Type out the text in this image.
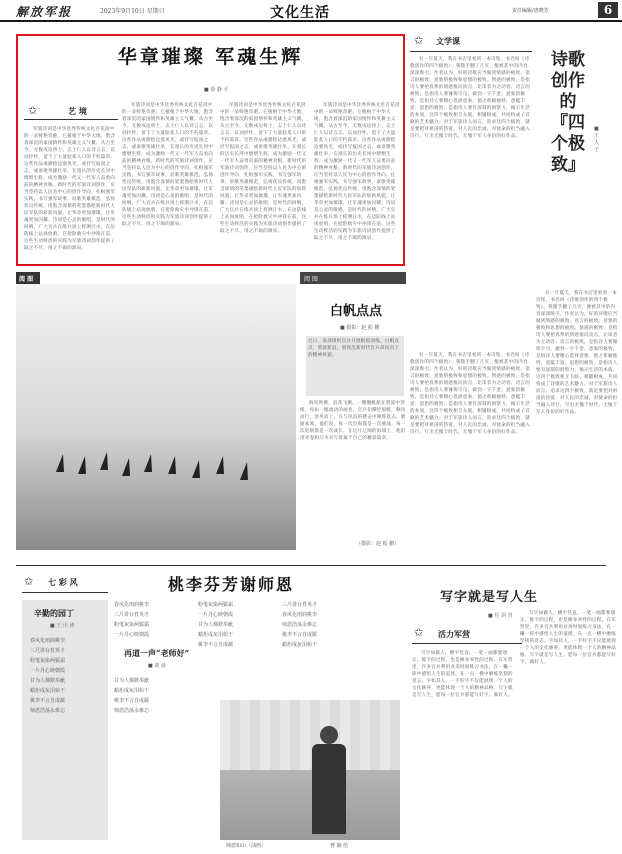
解放军报	2023年9月10日 星期日	文化生活	责任编辑/唐晓芳	6
华章璀璨 军魂生辉
■ 徐 静 平
✩	艺 境

军旅诗词是中华优秀传统文化百花园中的一朵鲜艳奇葩。它植根于中华大地，饱含着深沉的家国情怀和英雄主义气概。从古至今，无数戍边将士、志士仁人以诗言志、以词抒怀，留下了大量脍炙人口的不朽篇章。这些作品或描绘边塞风光，或抒写报国之志，或讴歌英雄壮举，在漫长的历史长河中熠熠生辉，成为激励一代又一代军人奋勇向前的精神食粮。新时代的军旅诗词创作，应当坚持以人民为中心的创作导向，扎根强军实践，书写强军故事，讴歌英雄模范，弘扬优良传统，用饱含深情的笔墨描绘新时代人民军队的崭新风貌，让华章更加璀璨，让军魂更加闪耀。诗词是心灵的歌唱，是时代的回响。广大官兵在练兵场上挥洒汗水，在边防线上站岗放哨，在抢险救灾中冲锋在前，这些生动鲜活的实践为军旅诗词创作提供了取之不尽、用之不竭的源泉。

军旅诗词是中华优秀传统文化百花园中的一朵鲜艳奇葩。它植根于中华大地，饱含着深沉的家国情怀和英雄主义气概。从古至今，无数戍边将士、志士仁人以诗言志、以词抒怀，留下了大量脍炙人口的不朽篇章。这些作品或描绘边塞风光，或抒写报国之志，或讴歌英雄壮举，在漫长的历史长河中熠熠生辉，成为激励一代又一代军人奋勇向前的精神食粮。新时代的军旅诗词创作，应当坚持以人民为中心的创作导向，扎根强军实践，书写强军故事，讴歌英雄模范，弘扬优良传统，用饱含深情的笔墨描绘新时代人民军队的崭新风貌，让华章更加璀璨，让军魂更加闪耀。诗词是心灵的歌唱，是时代的回响。广大官兵在练兵场上挥洒汗水，在边防线上站岗放哨，在抢险救灾中冲锋在前，这些生动鲜活的实践为军旅诗词创作提供了取之不尽、用之不竭的源泉。

军旅诗词是中华优秀传统文化百花园中的一朵鲜艳奇葩。它植根于中华大地，饱含着深沉的家国情怀和英雄主义气概。从古至今，无数戍边将士、志士仁人以诗言志、以词抒怀，留下了大量脍炙人口的不朽篇章。这些作品或描绘边塞风光，或抒写报国之志，或讴歌英雄壮举，在漫长的历史长河中熠熠生辉，成为激励一代又一代军人奋勇向前的精神食粮。新时代的军旅诗词创作，应当坚持以人民为中心的创作导向，扎根强军实践，书写强军故事，讴歌英雄模范，弘扬优良传统，用饱含深情的笔墨描绘新时代人民军队的崭新风貌，让华章更加璀璨，让军魂更加闪耀。诗词是心灵的歌唱，是时代的回响。广大官兵在练兵场上挥洒汗水，在边防线上站岗放哨，在抢险救灾中冲锋在前，这些生动鲜活的实践为军旅诗词创作提供了取之不尽、用之不竭的源泉。

军旅诗词是中华优秀传统文化百花园中的一朵鲜艳奇葩。它植根于中华大地，饱含着深沉的家国情怀和英雄主义气概。从古至今，无数戍边将士、志士仁人以诗言志、以词抒怀，留下了大量脍炙人口的不朽篇章。这些作品或描绘边塞风光，或抒写报国之志，或讴歌英雄壮举，在漫长的历史长河中熠熠生辉，成为激励一代又一代军人奋勇向前的精神食粮。新时代的军旅诗词创作，应当坚持以人民为中心的创作导向，扎根强军实践，书写强军故事，讴歌英雄模范，弘扬优良传统，用饱含深情的笔墨描绘新时代人民军队的崭新风貌，让华章更加璀璨，让军魂更加闪耀。诗词是心灵的歌唱，是时代的回响。广大官兵在练兵场上挥洒汗水，在边防线上站岗放哨，在抢险救灾中冲锋在前，这些生动鲜活的实践为军旅诗词创作提供了取之不尽、用之不竭的源泉。

✩ 文学课

有一年夏天，我在书店里看到一本诗集，书名叫《诗歌创作的四个极致》。我随手翻了几页，便被其中的内容深深吸引。作者认为，好的诗歌应当做到情感的极致、语言的极致、意象的极致和思想的极致。情感的极致，是指诗人要把真挚的情感推向顶点，让读者为之动容；语言的极致，是指诗人要锤炼字句，做到一字千金；意象的极致，是指诗人要精心选择意象，使之新颖独特、意蕴丰富；思想的极致，是指诗人要有深刻的洞察力，揭示生活的本质。这四个极致相互关联、相辅相成，共同构成了诗歌的艺术魅力。对于军旅诗人而言，追求这四个极致，就是要把对祖国的热爱、对人民的忠诚、对使命的担当融入诗行，写出无愧于时代、无愧于军人身份的好作品。

诗歌创作的『四个极致』
■ 王 人 子

有一年夏天，我在书店里看到一本诗集，书名叫《诗歌创作的四个极致》。我随手翻了几页，便被其中的内容深深吸引。作者认为，好的诗歌应当做到情感的极致、语言的极致、意象的极致和思想的极致。情感的极致，是指诗人要把真挚的情感推向顶点，让读者为之动容；语言的极致，是指诗人要锤炼字句，做到一字千金；意象的极致，是指诗人要精心选择意象，使之新颖独特、意蕴丰富；思想的极致，是指诗人要有深刻的洞察力，揭示生活的本质。这四个极致相互关联、相辅相成，共同构成了诗歌的艺术魅力。对于军旅诗人而言，追求这四个极致，就是要把对祖国的热爱、对人民的忠诚、对使命的担当融入诗行，写出无愧于时代、无愧于军人身份的好作品。

有一年夏天，我在书店里看到一本诗集，书名叫《诗歌创作的四个极致》。我随手翻了几页，便被其中的内容深深吸引。作者认为，好的诗歌应当做到情感的极致、语言的极致、意象的极致和思想的极致。情感的极致，是指诗人要把真挚的情感推向顶点，让读者为之动容；语言的极致，是指诗人要锤炼字句，做到一字千金；意象的极致，是指诗人要精心选择意象，使之新颖独特、意蕴丰富；思想的极致，是指诗人要有深刻的洞察力，揭示生活的本质。这四个极致相互关联、相辅相成，共同构成了诗歌的艺术魅力。对于军旅诗人而言，追求这四个极致，就是要把对祖国的热爱、对人民的忠诚、对使命的担当融入诗行，写出无愧于时代、无愧于军人身份的好作品。

阅 图	阅 图
白帆点点
■ 摄影：赵 振 鹏
近日，某部组织官兵开展帆船训练，白帆点点，劈波斩浪，展现出新时代官兵昂扬向上的精神风貌。

海风吹拂，浪花飞溅。一艘艘帆船在碧波中穿梭，宛如一幅流动的画卷。官兵们操控船帆，顺风而行，逆风而上，在与风浪的搏击中锤炼意志、磨砺本领。他们说，每一次出海都是一次挑战，每一次返航都是一次成长。在这片辽阔的海域上，他们用青春和汗水书写着属于自己的精彩篇章。

（摄影：赵 振 鹏）
✩ 七 彩 风	桃李芬芳谢师恩
辛勤的园丁
■ 王 庆 涛
春风化雨润桃李
三尺讲台育英才
粉笔灰染两鬓霜
一片丹心映朝霞
甘为人梯默奉献
蜡炬成灰泪始干
桃李不言自成蹊
师恩浩荡永难忘
春风化雨润桃李
三尺讲台育英才
粉笔灰染两鬓霜
一片丹心映朝霞
再道一声“老师好”
■ 刘 晨
甘为人梯默奉献
蜡炬成灰泪始干
桃李不言自成蹊
师恩浩荡永难忘
粉笔灰染两鬓霜
一片丹心映朝霞
甘为人梯默奉献
蜡炬成灰泪始干
桃李不言自成蹊
三尺讲台育英才
春风化雨润桃李
师恩浩荡永难忘
桃李不言自成蹊
蜡炬成灰泪始干
师恩如山（油画）	曹 颖 绘
写字就是写人生
■ 任 剑 青
✩ 活力军营

写字如做人，横平竖直，一笔一画都要端正。练字的过程，也是修身养性的过程。在军营里，许多官兵利用业余时间练习书法，在一撇一捺中感悟人生的道理，在一点一横中磨练坚韧的意志。字如其人，一手好字不仅能展现一个人的文化修养，更能体现一个人的精神品格。写字就是写人生，愿每一位官兵都能写好字、做好人。

写字如做人，横平竖直，一笔一画都要端正。练字的过程，也是修身养性的过程。在军营里，许多官兵利用业余时间练习书法，在一撇一捺中感悟人生的道理，在一点一横中磨练坚韧的意志。字如其人，一手好字不仅能展现一个人的文化修养，更能体现一个人的精神品格。写字就是写人生，愿每一位官兵都能写好字、做好人。
